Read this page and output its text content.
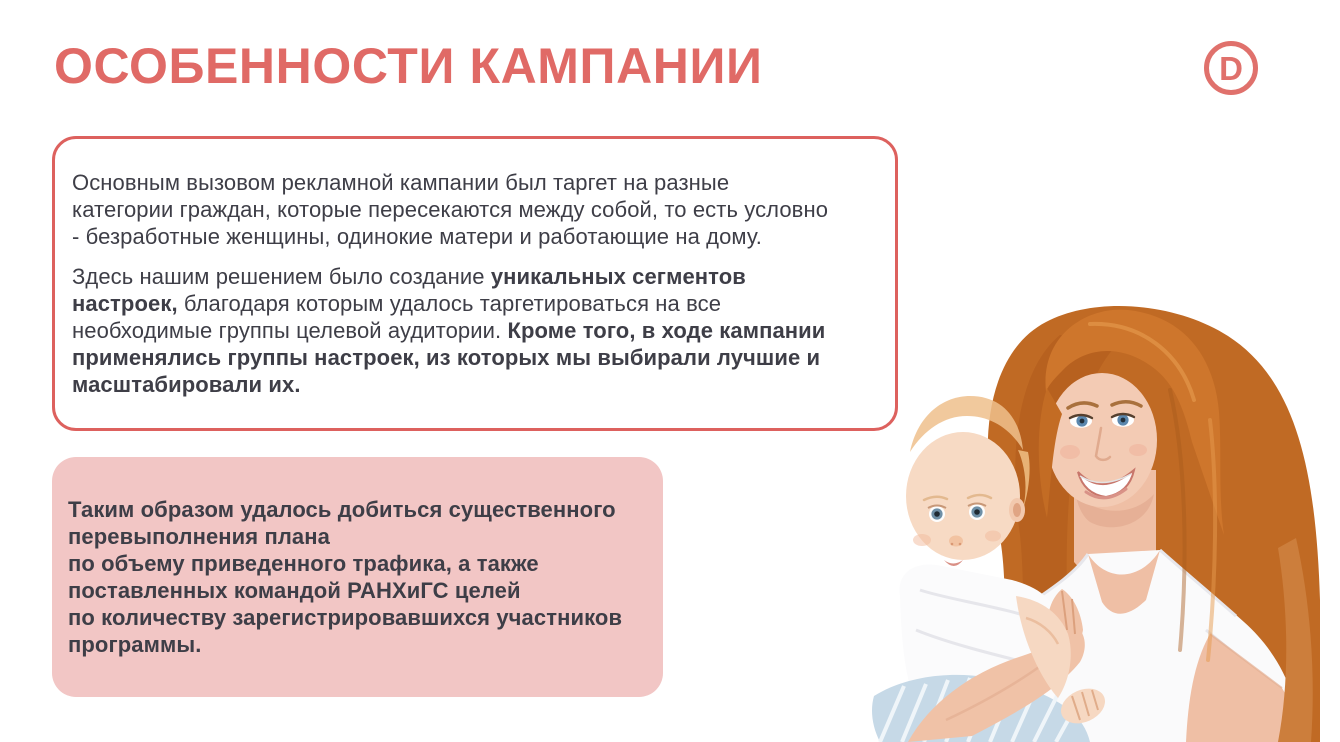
ОСОБЕННОСТИ КАМПАНИИ	D

Основным вызовом рекламной кампании был таргет на разные
категории граждан, которые пересекаются между собой, то есть условно
- безработные женщины, одинокие матери и работающие на дому.

Здесь нашим решением было создание уникальных сегментов
настроек, благодаря которым удалось таргетироваться на все
необходимые группы целевой аудитории. Кроме того, в ходе кампании
применялись группы настроек, из которых мы выбирали лучшие и
масштабировали их.

Таким образом удалось добиться существенного
перевыполнения плана
по объему приведенного трафика, а также
поставленных командой РАНХиГС целей
по количеству зарегистрировавшихся участников
программы.
